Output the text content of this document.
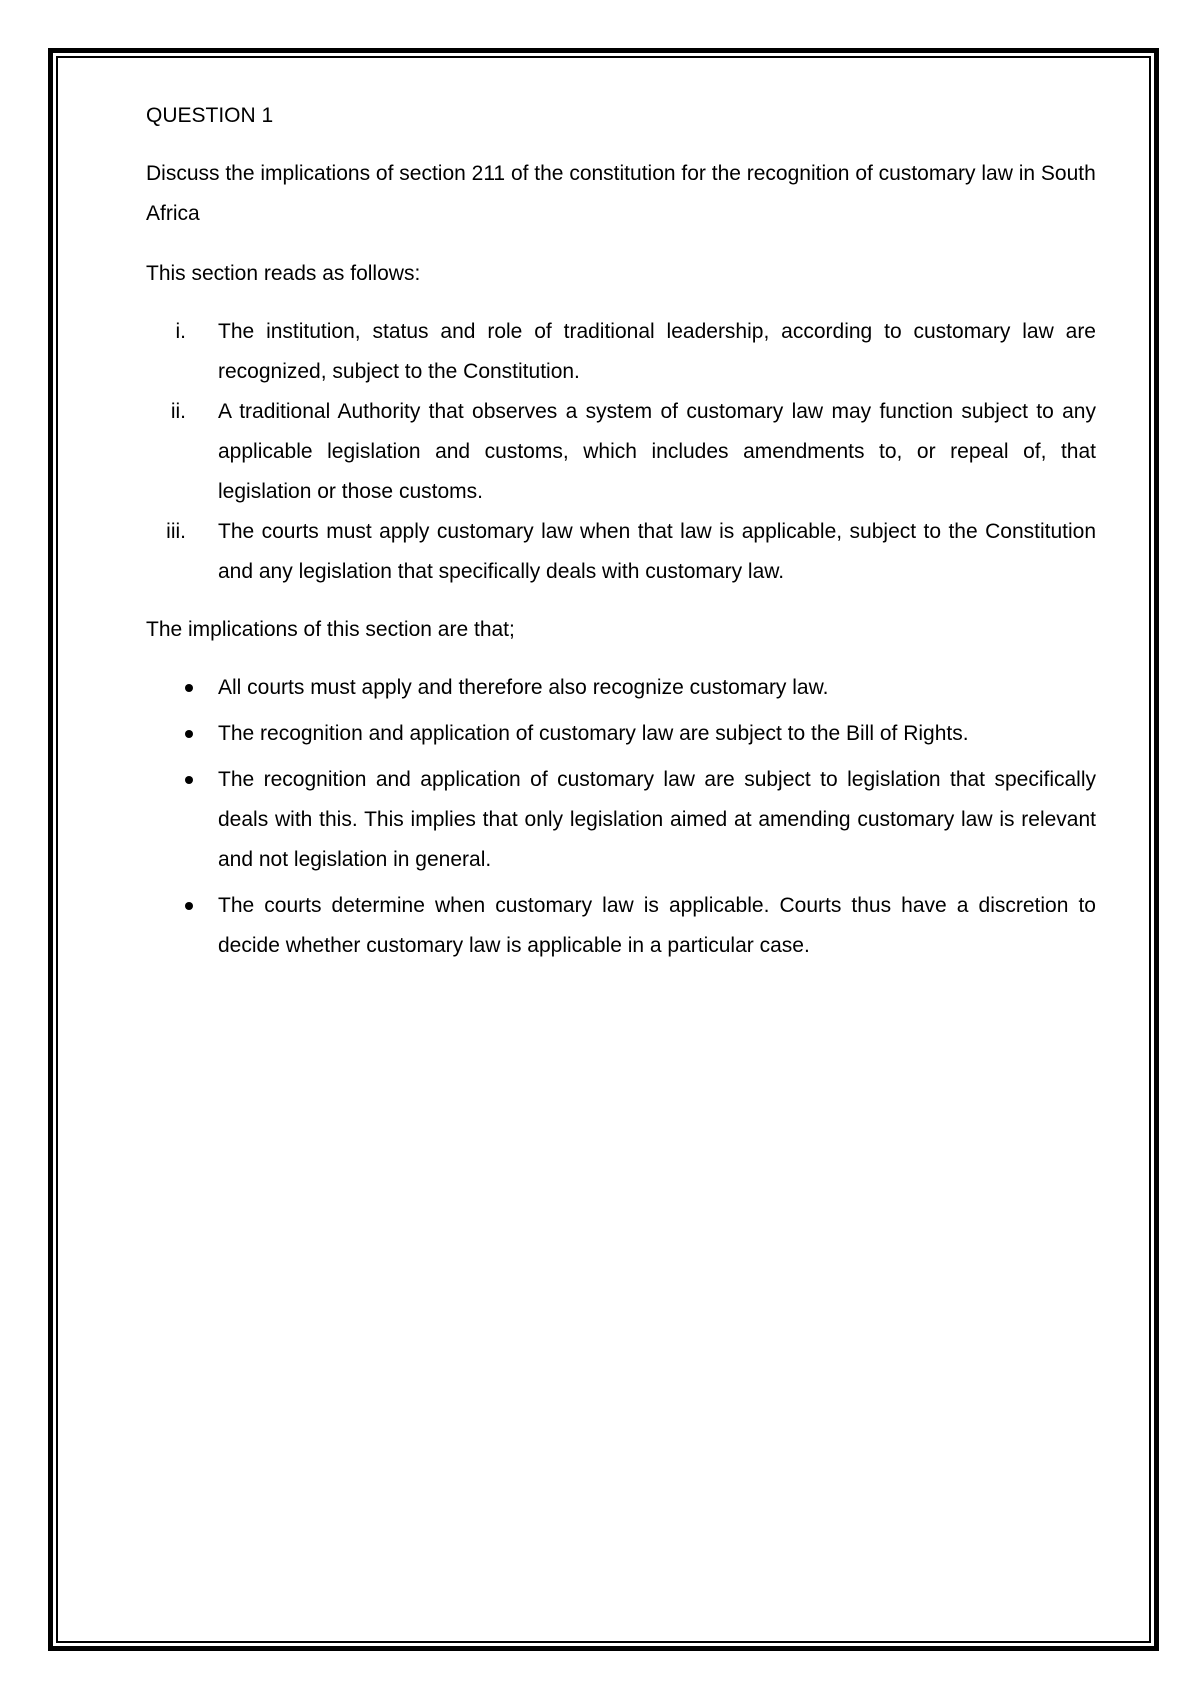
QUESTION 1

Discuss the implications of section 211 of the constitution for the recognition of customary law in South Africa

This section reads as follows:

i. The institution, status and role of traditional leadership, according to customary law are recognized, subject to the Constitution.
ii. A traditional Authority that observes a system of customary law may function subject to any applicable legislation and customs, which includes amendments to, or repeal of, that legislation or those customs.
iii. The courts must apply customary law when that law is applicable, subject to the Constitution and any legislation that specifically deals with customary law.

The implications of this section are that;

All courts must apply and therefore also recognize customary law.
The recognition and application of customary law are subject to the Bill of Rights.
The recognition and application of customary law are subject to legislation that specifically deals with this. This implies that only legislation aimed at amending customary law is relevant and not legislation in general.
The courts determine when customary law is applicable. Courts thus have a discretion to decide whether customary law is applicable in a particular case.
